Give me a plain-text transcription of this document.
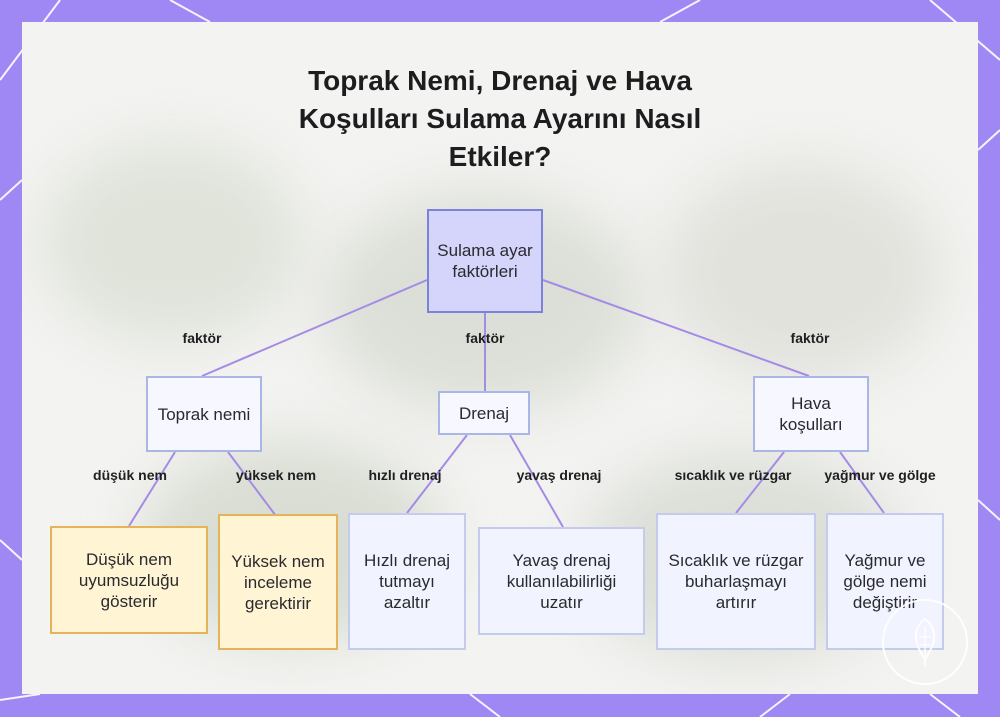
faktör	faktör	faktör
düşük nem	yüksek nem	hızlı drenaj	yavaş drenaj	sıcaklık ve rüzgar yağmur ve gölge
Toprak Nemi, Drenaj ve Hava Koşulları Sulama Ayarını Nasıl Etkiler?
Sulama ayar faktörleri
Toprak nemi	Drenaj	Hava koşulları
Düşük nem uyumsuzluğu gösterir
Yüksek nem inceleme gerektirir
Hızlı drenaj tutmayı azaltır
Yavaş drenaj kullanılabilirliği uzatır
Sıcaklık ve rüzgar buharlaşmayı artırır
Yağmur ve gölge nemi değiştirir
